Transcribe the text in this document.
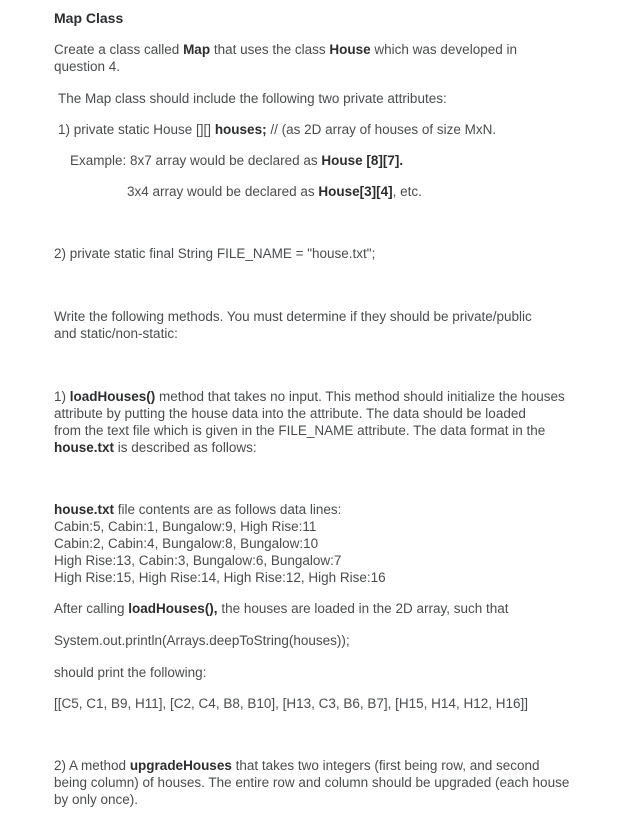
Map Class

Create a class called Map that uses the class House which was developed in

question 4.

The Map class should include the following two private attributes:

1) private static House [][] houses; // (as 2D array of houses of size MxN.

Example: 8x7 array would be declared as House [8][7].

3x4 array would be declared as House[3][4], etc.

2) private static final String FILE_NAME = "house.txt";

Write the following methods. You must determine if they should be private/public

and static/non-static:

1) loadHouses() method that takes no input. This method should initialize the houses

attribute by putting the house data into the attribute. The data should be loaded

from the text file which is given in the FILE_NAME attribute. The data format in the

house.txt is described as follows:

house.txt file contents are as follows data lines:

Cabin:5, Cabin:1, Bungalow:9, High Rise:11

Cabin:2, Cabin:4, Bungalow:8, Bungalow:10

High Rise:13, Cabin:3, Bungalow:6, Bungalow:7

High Rise:15, High Rise:14, High Rise:12, High Rise:16

After calling loadHouses(), the houses are loaded in the 2D array, such that

System.out.println(Arrays.deepToString(houses));

should print the following:

[[C5, C1, B9, H11], [C2, C4, B8, B10], [H13, C3, B6, B7], [H15, H14, H12, H16]]

2) A method upgradeHouses that takes two integers (first being row, and second

being column) of houses. The entire row and column should be upgraded (each house

by only once).
